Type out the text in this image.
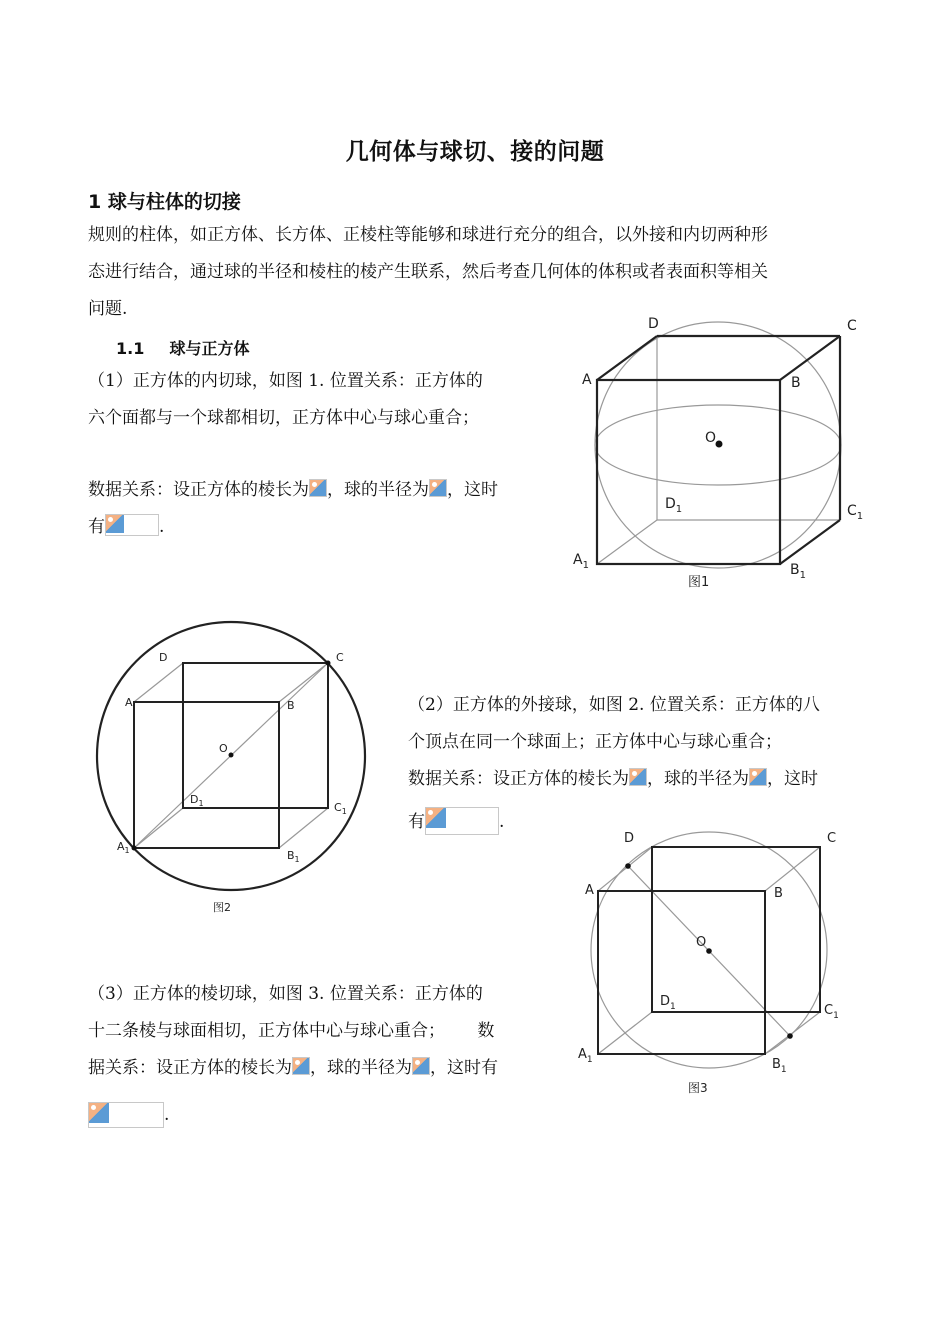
几何体与球切、接的问题
1 球与柱体的切接
规则的柱体，如正方体、长方体、正棱柱等能够和球进行充分的组合，以外接和内切两种形
态进行结合，通过球的半径和棱柱的棱产生联系，然后考查几何体的体积或者表面积等相关
问题.
1.1 球与正方体
（1）正方体的内切球，如图 1. 位置关系：正方体的
六个面都与一个球都相切，正方体中心与球心重合；
数据关系：设正方体的棱长为 ，球的半径为 ，这时
有	.
D	C
A	B
O
$D_1$	$C_1$
$A_1$	$B_1$
图1
D	C
A	B
O
$D_1$	$C_1$
$A_1$	$B_1$
图2
（2）正方体的外接球，如图 2. 位置关系：正方体的八
个顶点在同一个球面上；正方体中心与球心重合；
数据关系：设正方体的棱长为 ，球的半径为 ，这时
有	.
D	C
A	B
O
$D_1$	$C_1$
$A_1$	$B_1$
图3
（3）正方体的棱切球，如图 3. 位置关系：正方体的
十二条棱与球面相切，正方体中心与球心重合；      数
据关系：设正方体的棱长为 ，球的半径为 ，这时有
.
